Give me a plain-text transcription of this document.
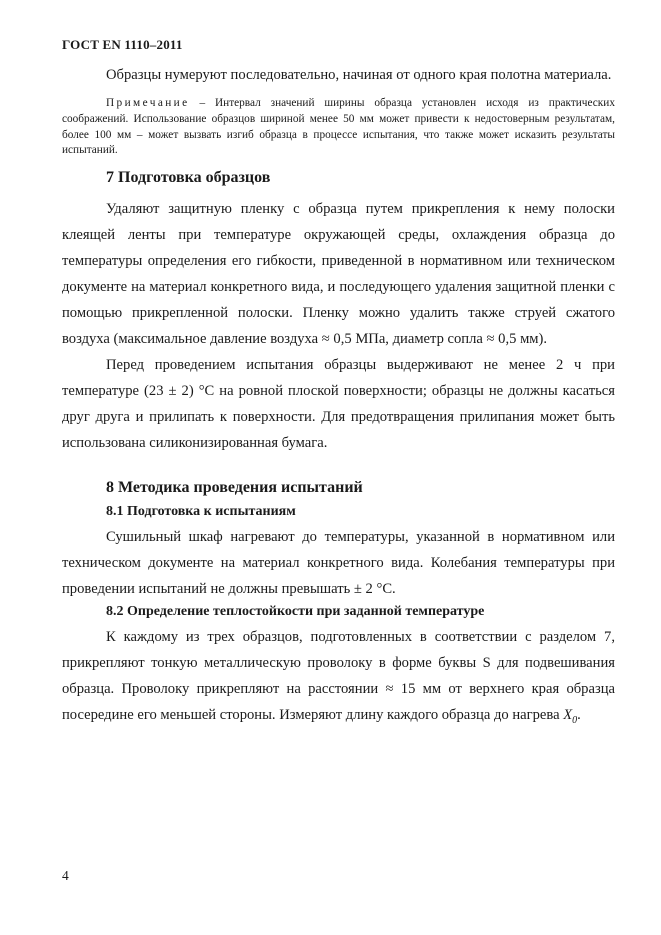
ГОСТ EN 1110–2011

Образцы нумеруют последовательно, начиная от одного края полотна материала.

Примечание – Интервал значений ширины образца установлен исходя из практических соображений. Использование образцов шириной менее 50 мм может привести к недостоверным результатам, более 100 мм – может вызвать изгиб образца в процессе испытания, что также может исказить результаты испытаний.

7 Подготовка образцов

Удаляют защитную пленку с образца путем прикрепления к нему полоски клеящей ленты при температуре окружающей среды, охлаждения образца до температуры определения его гибкости, приведенной в нормативном или техническом документе на материал конкретного вида, и последующего удаления защитной пленки с помощью прикрепленной полоски. Пленку можно удалить также струей сжатого воздуха (максимальное давление воздуха ≈ 0,5 МПа, диаметр сопла ≈ 0,5 мм).

Перед проведением испытания образцы выдерживают не менее 2 ч при температуре (23 ± 2) °С на ровной плоской поверхности; образцы не должны касаться друг друга и прилипать к поверхности. Для предотвращения прилипания может быть использована силиконизированная бумага.

8 Методика проведения испытаний
8.1 Подготовка к испытаниям

Сушильный шкаф нагревают до температуры, указанной в нормативном или техническом документе на материал конкретного вида. Колебания температуры при проведении испытаний не должны превышать ± 2 °С.

8.2 Определение теплостойкости при заданной температуре

К каждому из трех образцов, подготовленных в соответствии с разделом 7, прикрепляют тонкую металлическую проволоку в форме буквы S для подвешивания образца. Проволоку прикрепляют на расстоянии ≈ 15 мм от верхнего края образца посередине его меньшей стороны. Измеряют длину каждого образца до нагрева $X_0$.

4
